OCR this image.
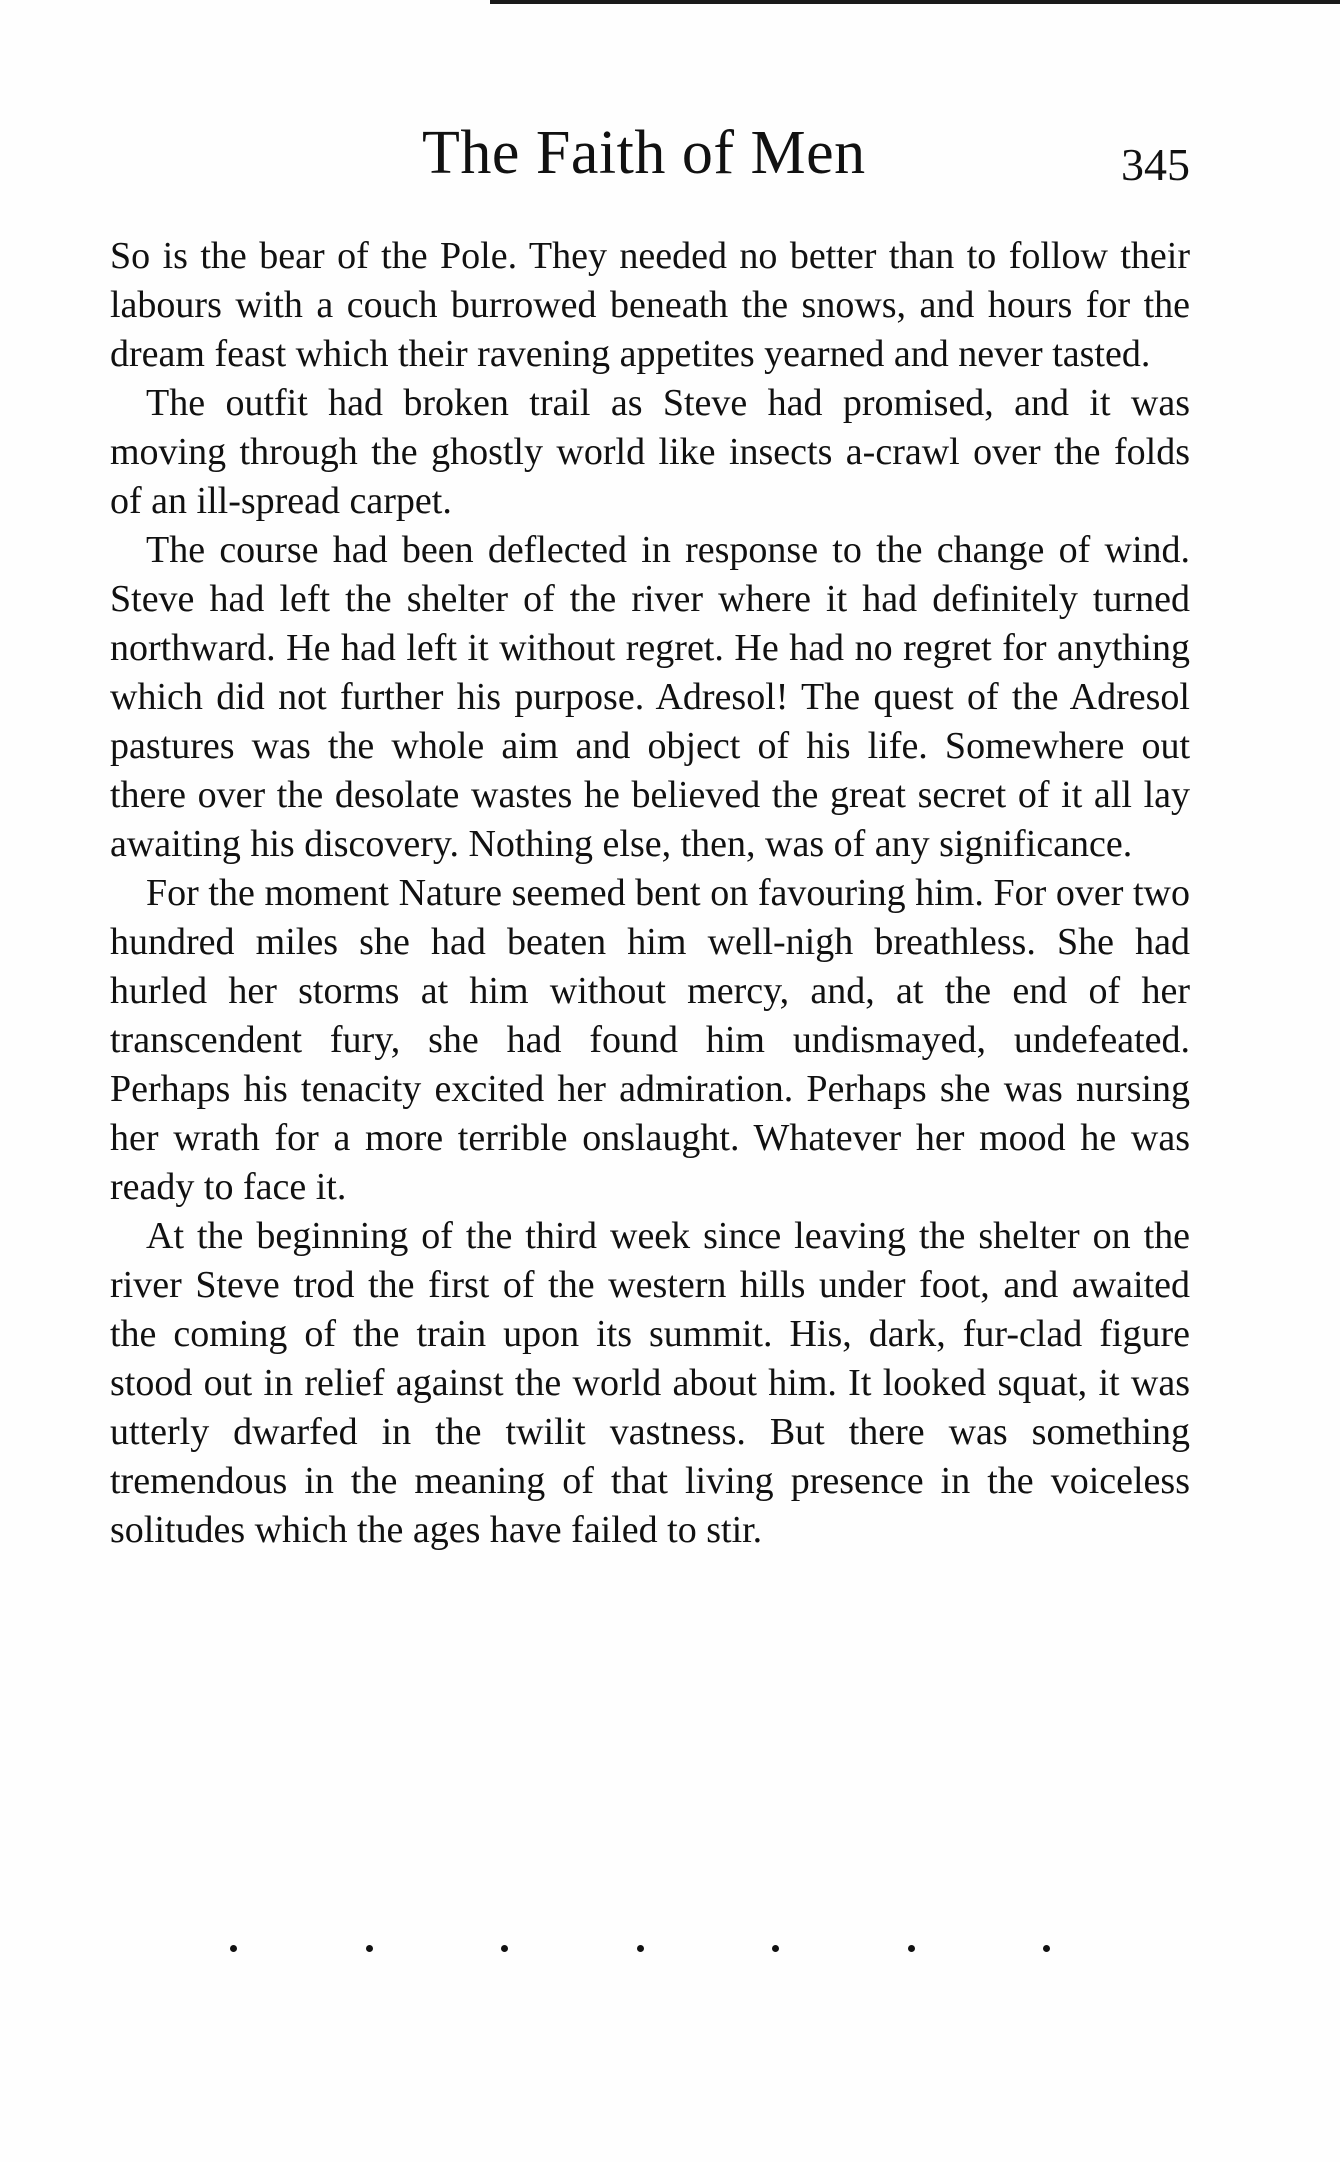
The Faith of Men	345

So is the bear of the Pole. They needed no better than to follow their labours with a couch burrowed beneath the snows, and hours for the dream feast which their ravening appetites yearned and never tasted.

The outfit had broken trail as Steve had promised, and it was moving through the ghostly world like insects a-crawl over the folds of an ill-spread carpet.

The course had been deflected in response to the change of wind. Steve had left the shelter of the river where it had definitely turned northward. He had left it without regret. He had no regret for anything which did not further his purpose. Adresol! The quest of the Adresol pastures was the whole aim and object of his life. Somewhere out there over the desolate wastes he believed the great secret of it all lay awaiting his discovery. Nothing else, then, was of any significance.

For the moment Nature seemed bent on favouring him. For over two hundred miles she had beaten him well-nigh breathless. She had hurled her storms at him without mercy, and, at the end of her transcendent fury, she had found him undismayed, undefeated. Perhaps his tenacity excited her admiration. Perhaps she was nursing her wrath for a more terrible onslaught. Whatever her mood he was ready to face it.

At the beginning of the third week since leaving the shelter on the river Steve trod the first of the western hills under foot, and awaited the coming of the train upon its summit. His, dark, fur-clad figure stood out in relief against the world about him. It looked squat, it was utterly dwarfed in the twilit vastness. But there was something tremendous in the meaning of that living presence in the voiceless solitudes which the ages have failed to stir.
